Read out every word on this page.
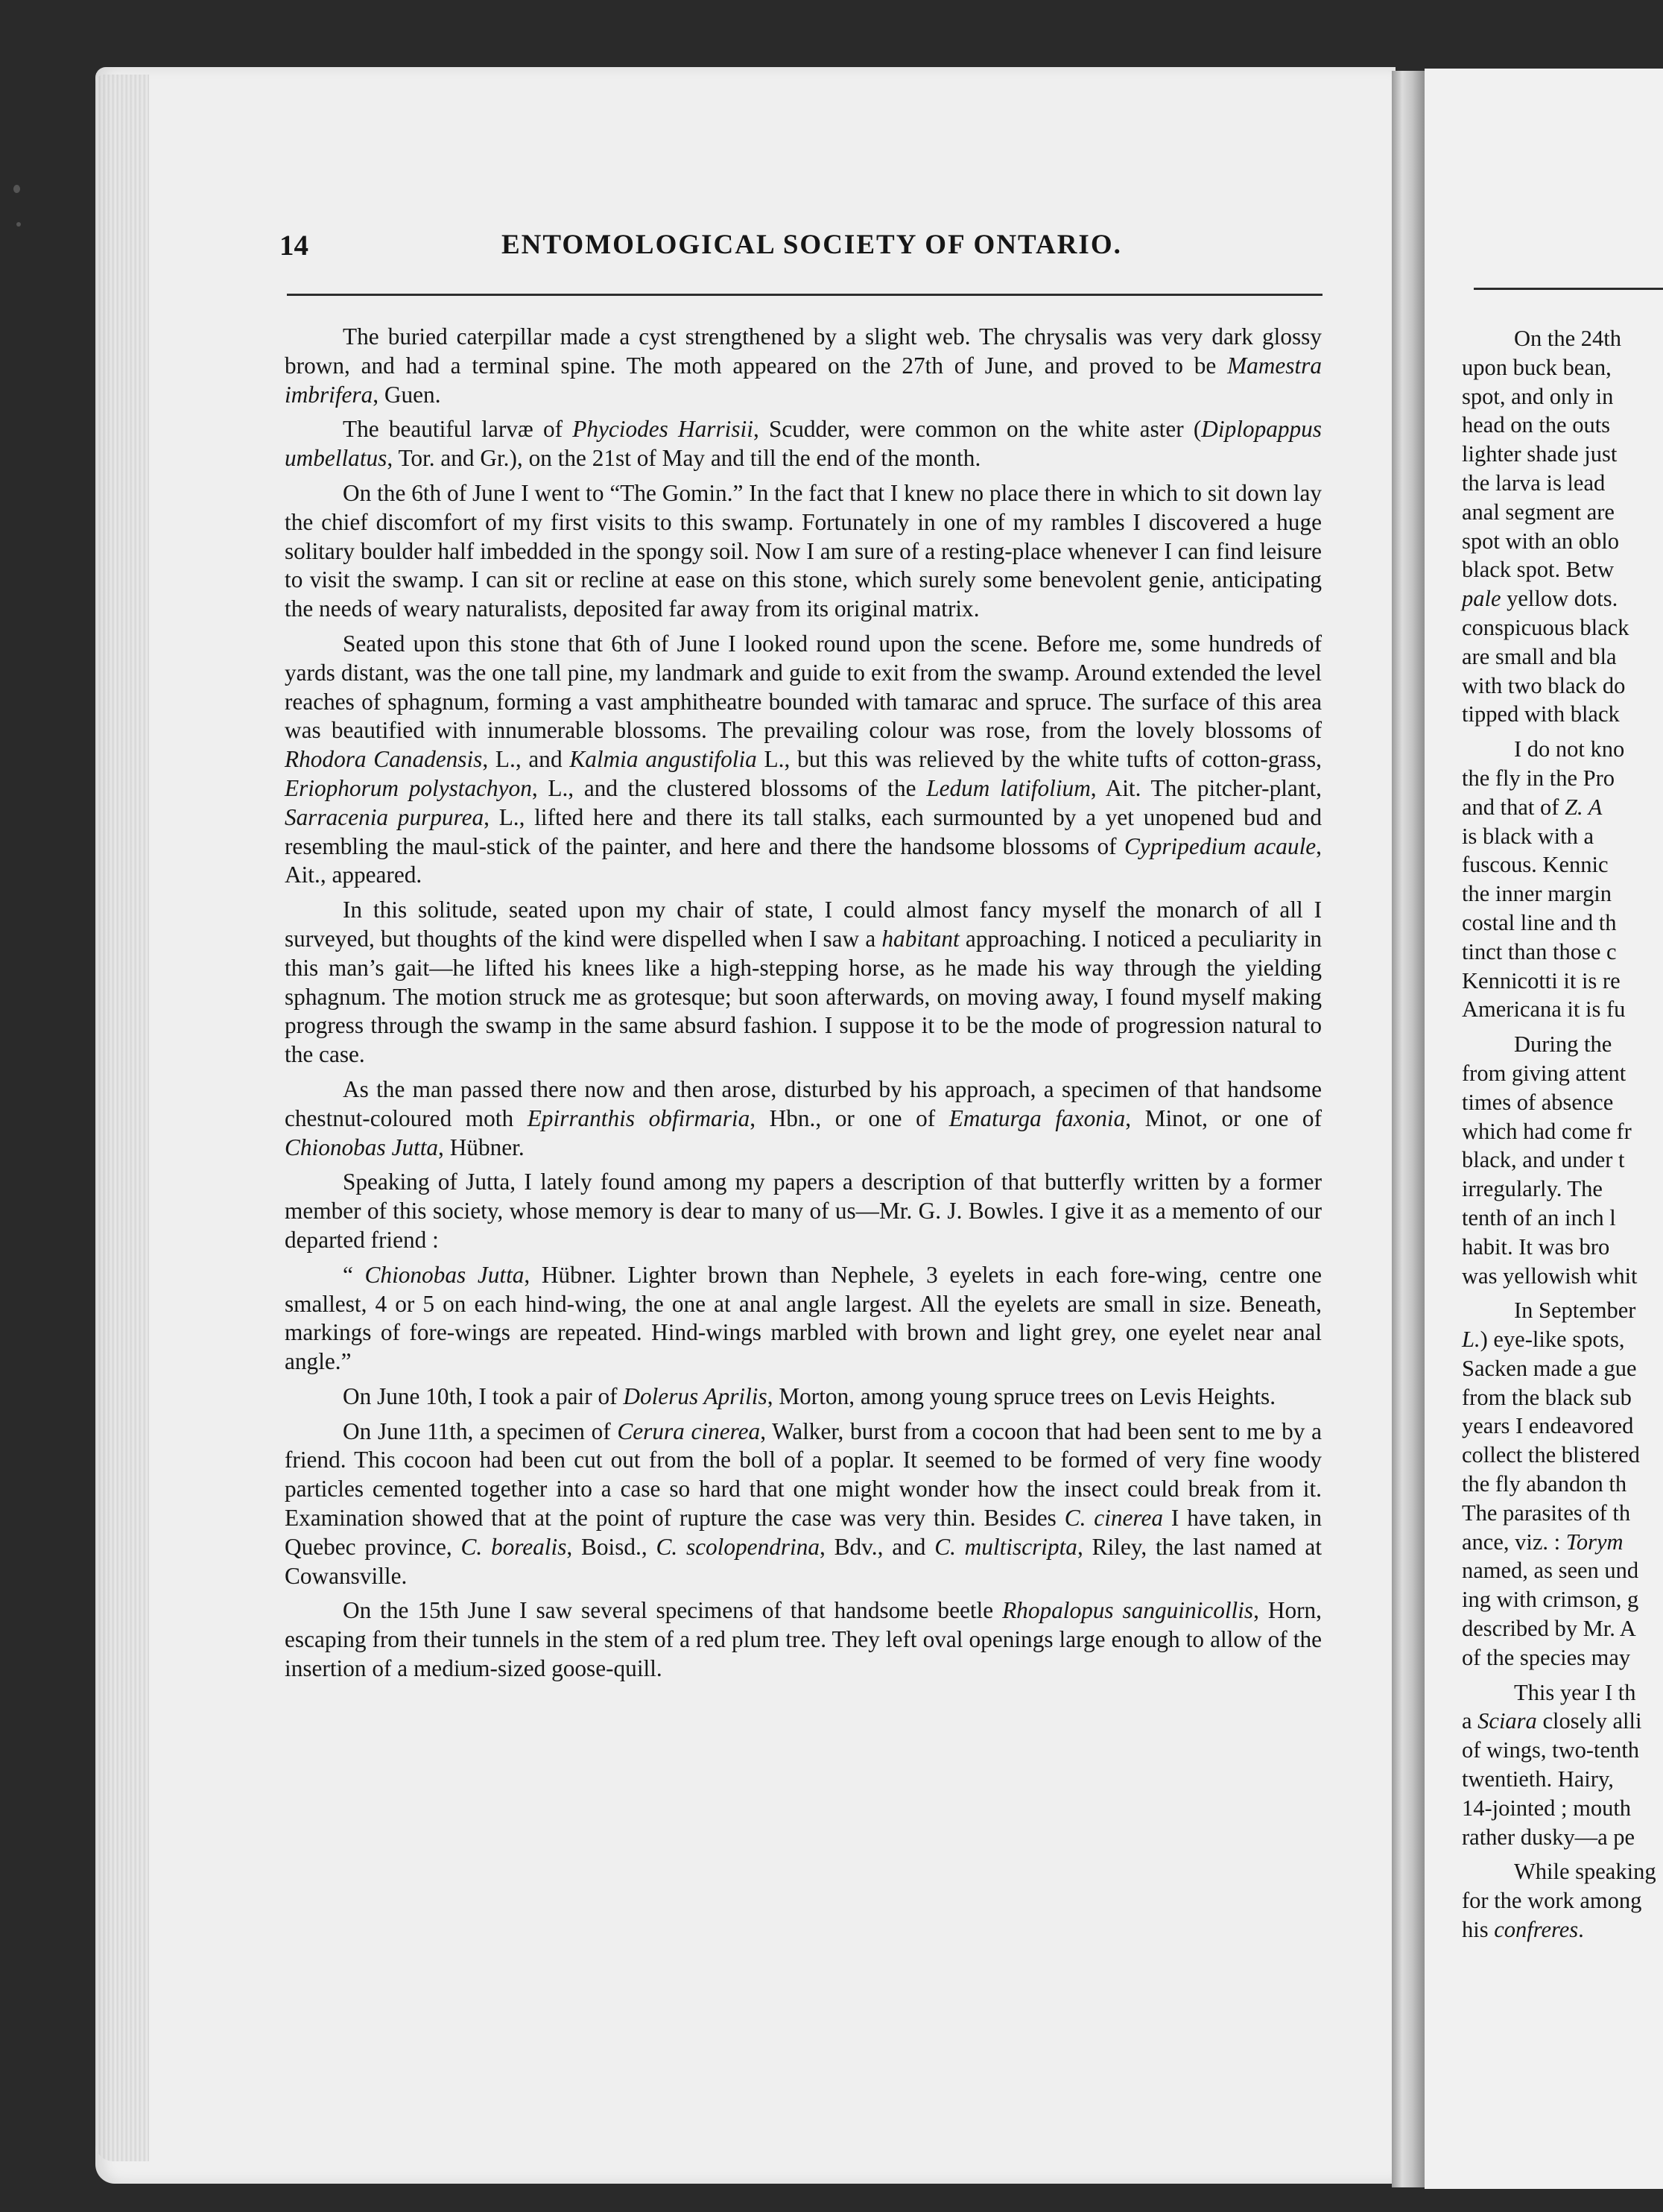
On the 24th
upon buck bean,
spot, and only in
head on the outs
lighter shade just
the larva is lead
anal segment are
spot with an oblo
black spot. Betw
pale yellow dots.
conspicuous black
are small and bla
with two black do
tipped with black
I do not kno
the fly in the Pro
and that of Z. A
is black with a
fuscous. Kennic
the inner margin
costal line and th
tinct than those c
Kennicotti it is re
Americana it is fu
During the
from giving attent
times of absence
which had come fr
black, and under t
irregularly. The
tenth of an inch l
habit. It was bro
was yellowish whit
In September
L.) eye-like spots,
Sacken made a gue
from the black sub
years I endeavored
collect the blistered
the fly abandon th
The parasites of th
ance, viz. : Torym
named, as seen und
ing with crimson, g
described by Mr. A
of the species may
This year I th
a Sciara closely alli
of wings, two-tenth
twentieth. Hairy,
14-jointed ; mouth
rather dusky—a pe
While speaking
for the work among
his confreres.
14	ENTOMOLOGICAL SOCIETY OF ONTARIO.

The buried caterpillar made a cyst strengthened by a slight web. The chrysalis was very dark glossy brown, and had a terminal spine. The moth appeared on the 27th of June, and proved to be Mamestra imbrifera, Guen.

The beautiful larvæ of Phyciodes Harrisii, Scudder, were common on the white aster (Diplopappus umbellatus, Tor. and Gr.), on the 21st of May and till the end of the month.

On the 6th of June I went to “The Gomin.” In the fact that I knew no place there in which to sit down lay the chief discomfort of my first visits to this swamp. Fortunately in one of my rambles I discovered a huge solitary boulder half imbedded in the spongy soil. Now I am sure of a resting-place whenever I can find leisure to visit the swamp. I can sit or recline at ease on this stone, which surely some benevolent genie, anticipating the needs of weary naturalists, deposited far away from its original matrix.

Seated upon this stone that 6th of June I looked round upon the scene. Before me, some hundreds of yards distant, was the one tall pine, my landmark and guide to exit from the swamp. Around extended the level reaches of sphagnum, forming a vast amphitheatre bounded with tamarac and spruce. The surface of this area was beautified with innumerable blossoms. The prevailing colour was rose, from the lovely blossoms of Rhodora Canadensis, L., and Kalmia angustifolia L., but this was relieved by the white tufts of cotton-grass, Eriophorum polystachyon, L., and the clustered blossoms of the Ledum latifolium, Ait. The pitcher-plant, Sarracenia purpurea, L., lifted here and there its tall stalks, each surmounted by a yet unopened bud and resembling the maul-stick of the painter, and here and there the handsome blossoms of Cypripedium acaule, Ait., appeared.

In this solitude, seated upon my chair of state, I could almost fancy myself the monarch of all I surveyed, but thoughts of the kind were dispelled when I saw a habitant approaching. I noticed a peculiarity in this man’s gait—he lifted his knees like a high-stepping horse, as he made his way through the yielding sphagnum. The motion struck me as grotesque; but soon afterwards, on moving away, I found myself making progress through the swamp in the same absurd fashion. I suppose it to be the mode of progression natural to the case.

As the man passed there now and then arose, disturbed by his approach, a specimen of that handsome chestnut-coloured moth Epirranthis obfirmaria, Hbn., or one of Ematurga faxonia, Minot, or one of Chionobas Jutta, Hübner.

Speaking of Jutta, I lately found among my papers a description of that butterfly written by a former member of this society, whose memory is dear to many of us—Mr. G. J. Bowles. I give it as a memento of our departed friend :

“ Chionobas Jutta, Hübner. Lighter brown than Nephele, 3 eyelets in each fore-wing, centre one smallest, 4 or 5 on each hind-wing, the one at anal angle largest. All the eyelets are small in size. Beneath, markings of fore-wings are repeated. Hind-wings marbled with brown and light grey, one eyelet near anal angle.”

On June 10th, I took a pair of Dolerus Aprilis, Morton, among young spruce trees on Levis Heights.

On June 11th, a specimen of Cerura cinerea, Walker, burst from a cocoon that had been sent to me by a friend. This cocoon had been cut out from the boll of a poplar. It seemed to be formed of very fine woody particles cemented together into a case so hard that one might wonder how the insect could break from it. Examination showed that at the point of rupture the case was very thin. Besides C. cinerea I have taken, in Quebec province, C. borealis, Boisd., C. scolopendrina, Bdv., and C. multiscripta, Riley, the last named at Cowansville.

On the 15th June I saw several specimens of that handsome beetle Rhopalopus sanguinicollis, Horn, escaping from their tunnels in the stem of a red plum tree. They left oval openings large enough to allow of the insertion of a medium-sized goose-quill.
